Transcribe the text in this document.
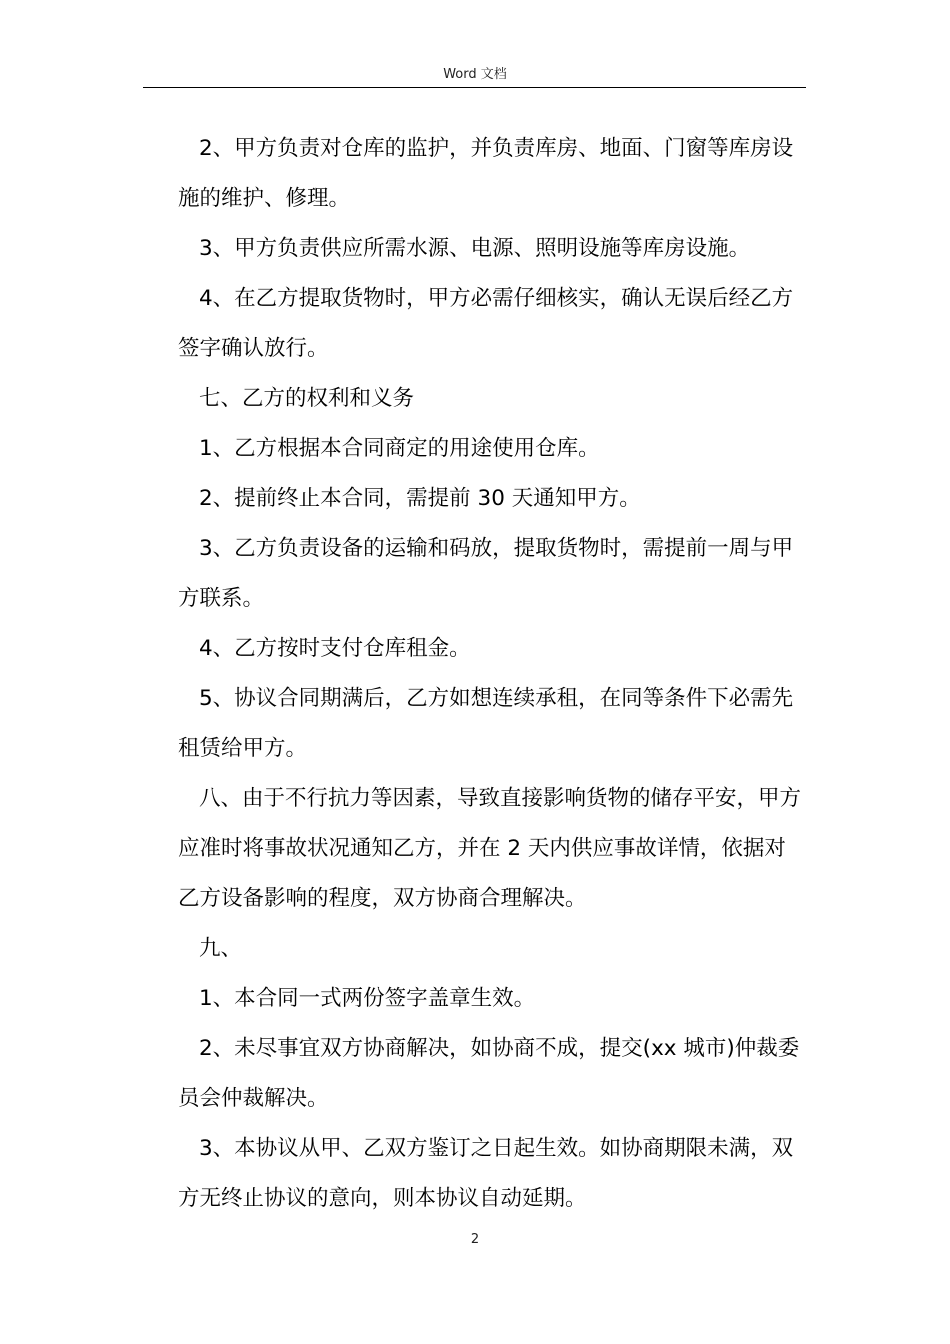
Word 文档

2、甲方负责对仓库的监护，并负责库房、地面、门窗等库房设施的维护、修理。

3、甲方负责供应所需水源、电源、照明设施等库房设施。

4、在乙方提取货物时，甲方必需仔细核实，确认无误后经乙方签字确认放行。

七、乙方的权利和义务

1、乙方根据本合同商定的用途使用仓库。

2、提前终止本合同，需提前 30 天通知甲方。

3、乙方负责设备的运输和码放，提取货物时，需提前一周与甲方联系。

4、乙方按时支付仓库租金。

5、协议合同期满后，乙方如想连续承租，在同等条件下必需先租赁给甲方。

八、由于不行抗力等因素，导致直接影响货物的储存平安，甲方应准时将事故状况通知乙方，并在 2 天内供应事故详情，依据对乙方设备影响的程度，双方协商合理解决。

九、

1、本合同一式两份签字盖章生效。

2、未尽事宜双方协商解决，如协商不成，提交(xx 城市)仲裁委员会仲裁解决。

3、本协议从甲、乙双方鉴订之日起生效。如协商期限未满，双方无终止协议的意向，则本协议自动延期。

2
